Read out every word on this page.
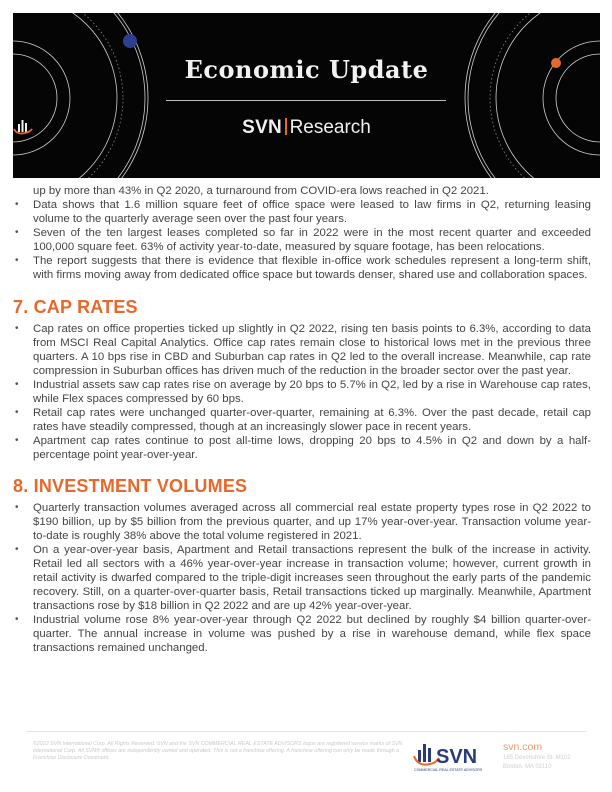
Economic Update
SVN Research
up by more than 43% in Q2 2020, a turnaround from COVID-era lows reached in Q2 2021.
• Data shows that 1.6 million square feet of office space were leased to law firms in Q2, returning leasing volume to the quarterly average seen over the past four years.
• Seven of the ten largest leases completed so far in 2022 were in the most recent quarter and exceeded 100,000 square feet. 63% of activity year-to-date, measured by square footage, has been relocations.
• The report suggests that there is evidence that flexible in-office work schedules represent a long-term shift, with firms moving away from dedicated office space but towards denser, shared use and collaboration spaces.
7. CAP RATES
• Cap rates on office properties ticked up slightly in Q2 2022, rising ten basis points to 6.3%, according to data from MSCI Real Capital Analytics. Office cap rates remain close to historical lows met in the previous three quarters. A 10 bps rise in CBD and Suburban cap rates in Q2 led to the overall increase. Meanwhile, cap rate compression in Suburban offices has driven much of the reduction in the broader sector over the past year.
• Industrial assets saw cap rates rise on average by 20 bps to 5.7% in Q2, led by a rise in Warehouse cap rates, while Flex spaces compressed by 60 bps.
• Retail cap rates were unchanged quarter-over-quarter, remaining at 6.3%. Over the past decade, retail cap rates have steadily compressed, though at an increasingly slower pace in recent years.
• Apartment cap rates continue to post all-time lows, dropping 20 bps to 4.5% in Q2 and down by a half-percentage point year-over-year.
8. INVESTMENT VOLUMES
• Quarterly transaction volumes averaged across all commercial real estate property types rose in Q2 2022 to $190 billion, up by $5 billion from the previous quarter, and up 17% year-over-year. Transaction volume year-to-date is roughly 38% above the total volume registered in 2021.
• On a year-over-year basis, Apartment and Retail transactions represent the bulk of the increase in activity. Retail led all sectors with a 46% year-over-year increase in transaction volume; however, current growth in retail activity is dwarfed compared to the triple-digit increases seen throughout the early parts of the pandemic recovery. Still, on a quarter-over-quarter basis, Retail transactions ticked up marginally. Meanwhile, Apartment transactions rose by $18 billion in Q2 2022 and are up 42% year-over-year.
• Industrial volume rose 8% year-over-year through Q2 2022 but declined by roughly $4 billion quarter-over-quarter. The annual increase in volume was pushed by a rise in warehouse demand, while flex space transactions remained unchanged.
©2022 SVN International Corp. All Rights Reserved. SVN and the SVN COMMERCIAL REAL ESTATE ADVISORS logos are registered service marks of SVN International Corp. All SVN® offices are independently owned and operated. This is not a franchise offering. A franchise offering can only be made through a Franchise Disclosure Document.	SVN
COMMERCIAL REAL ESTATE ADVISORS
svn.com
185 Devonshire St. M102
Boston, MA 02110
